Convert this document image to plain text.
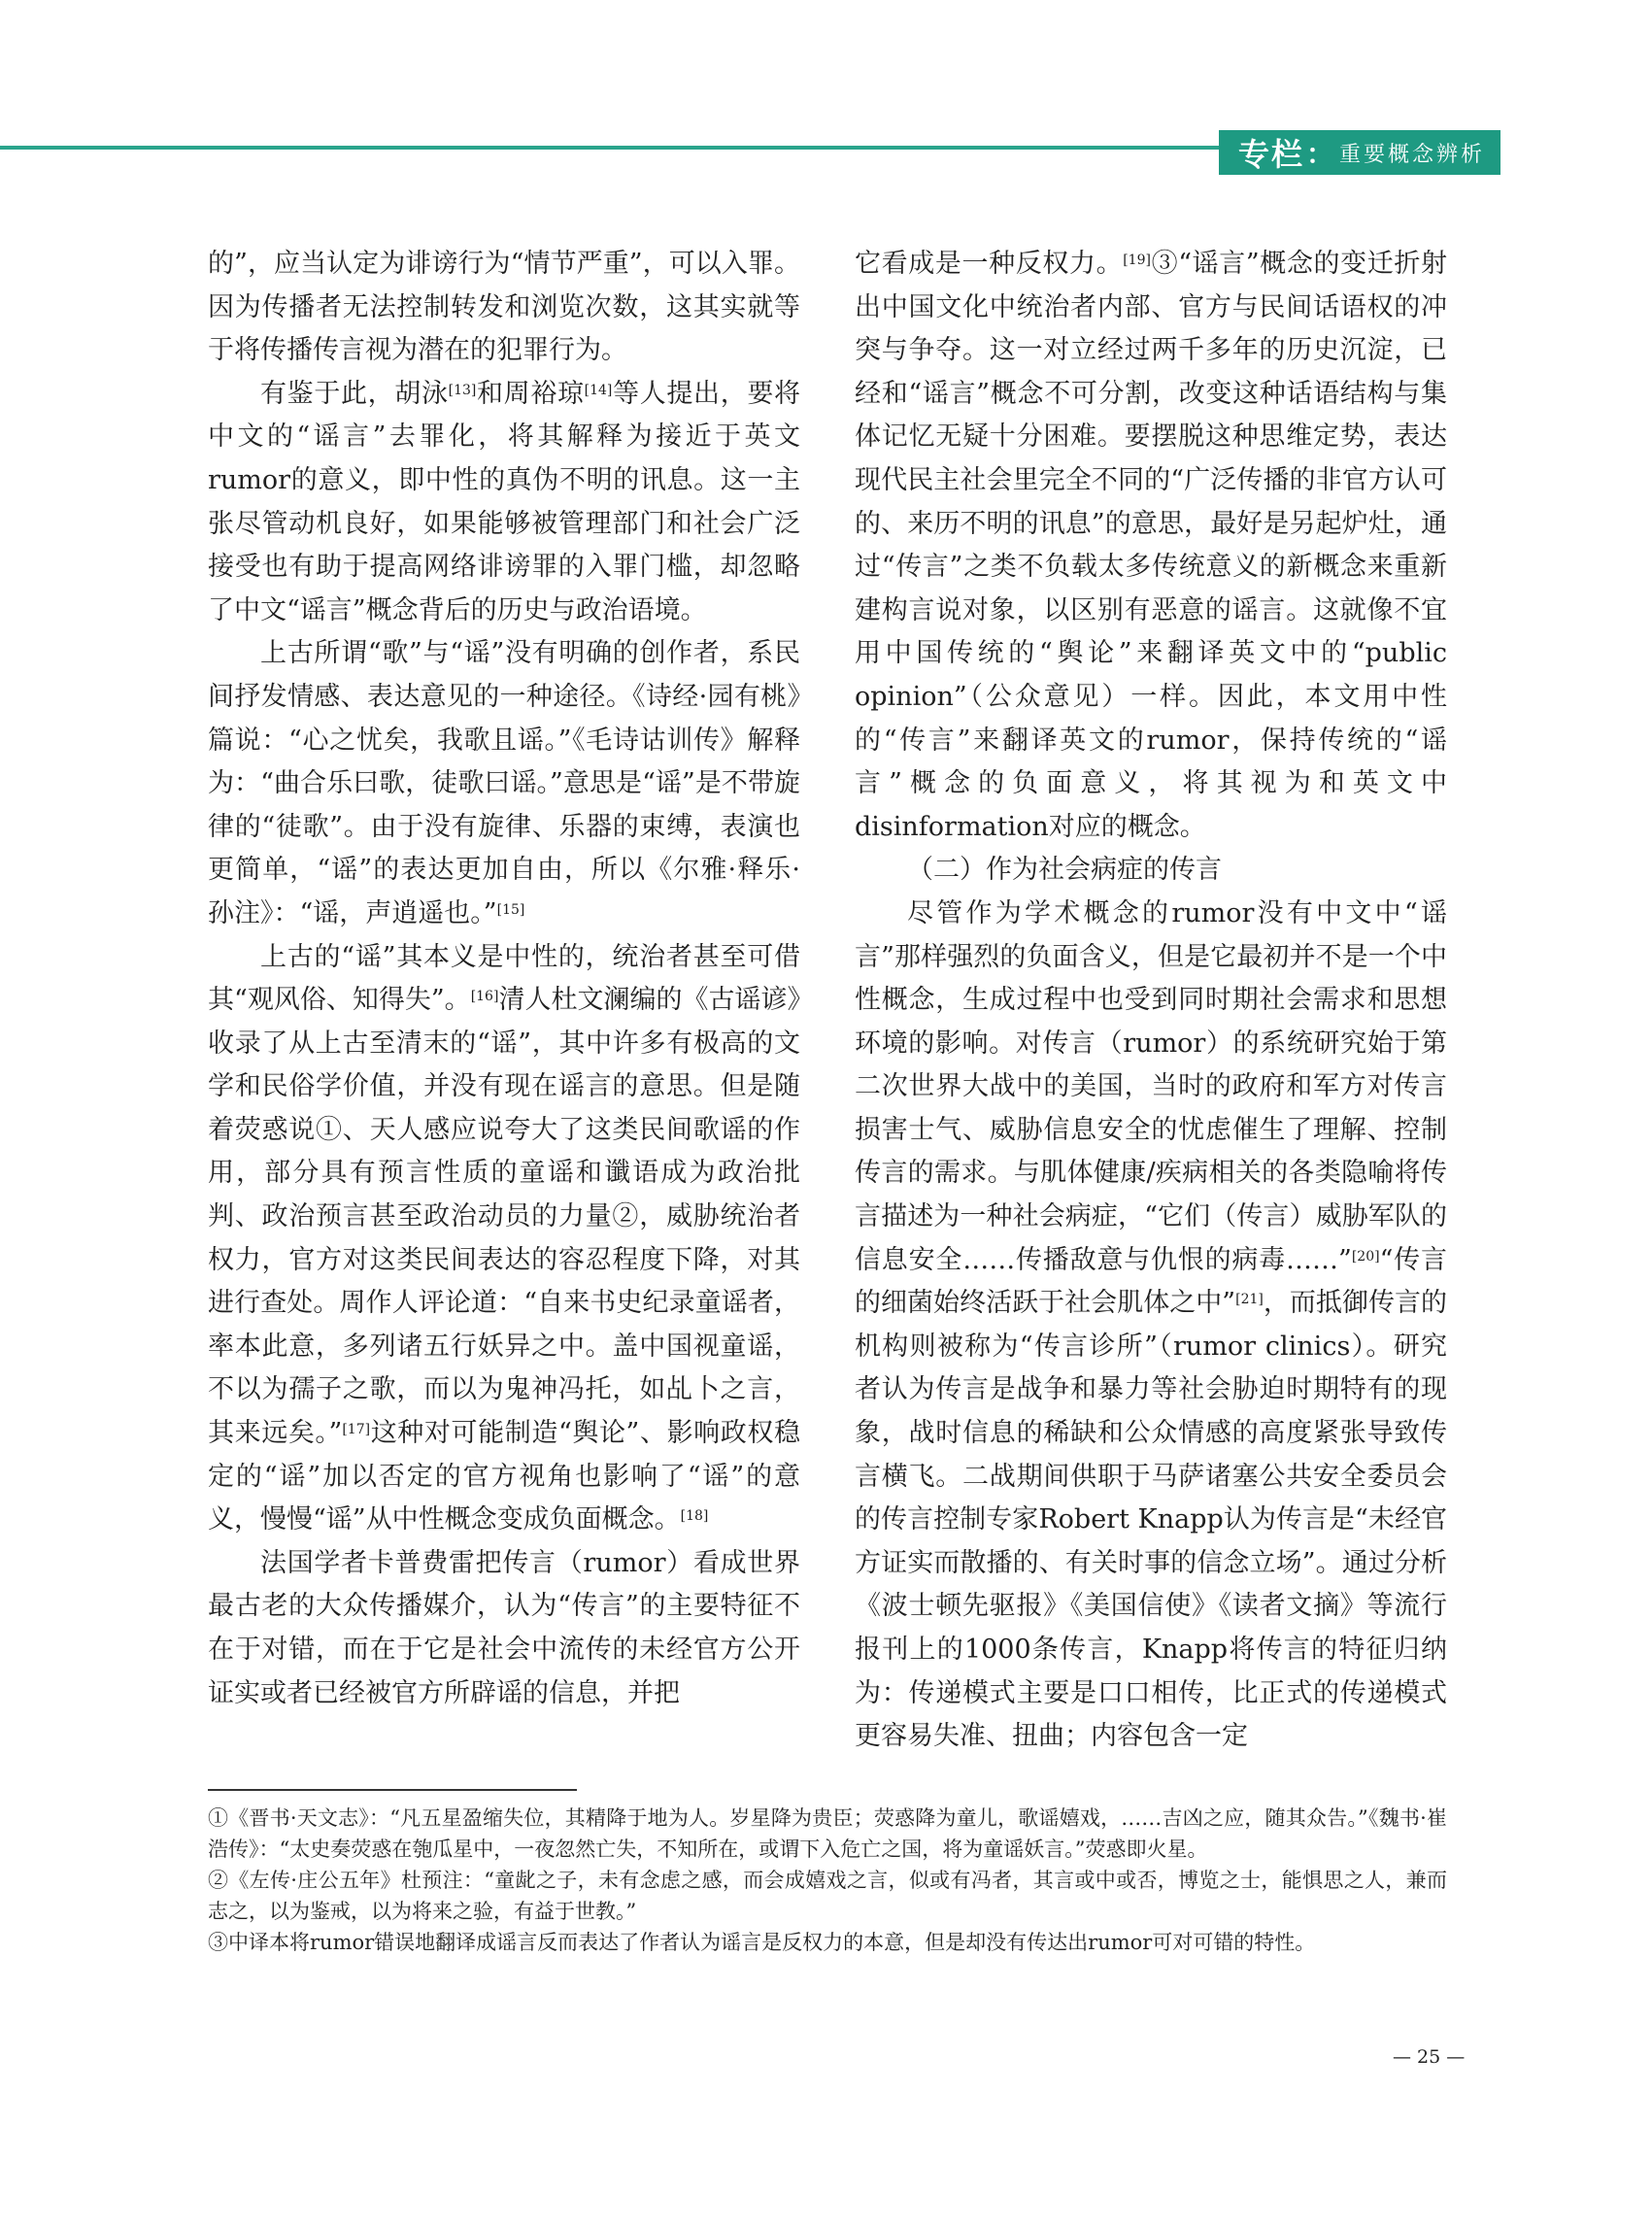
专栏 ： 重要概念辨析

的”，应当认定为诽谤行为“情节严重”，可以入罪。因为传播者无法控制转发和浏览次数，这其实就等于将传播传言视为潜在的犯罪行为。

有鉴于此，胡泳[13]和周裕琼[14]等人提出，要将中文的“谣言”去罪化，将其解释为接近于英文rumor的意义，即中性的真伪不明的讯息。这一主张尽管动机良好，如果能够被管理部门和社会广泛接受也有助于提高网络诽谤罪的入罪门槛，却忽略了中文“谣言”概念背后的历史与政治语境。

上古所谓“歌”与“谣”没有明确的创作者，系民间抒发情感、表达意见的一种途径。《诗经·园有桃》篇说：“心之忧矣，我歌且谣。”《毛诗诂训传》解释为：“曲合乐曰歌，徒歌曰谣。”意思是“谣”是不带旋律的“徒歌”。由于没有旋律、乐器的束缚，表演也更简单，“谣”的表达更加自由，所以《尔雅·释乐·孙注》：“谣，声逍遥也。”[15]

上古的“谣”其本义是中性的，统治者甚至可借其“观风俗、知得失”。[16]清人杜文澜编的《古谣谚》收录了从上古至清末的“谣”，其中许多有极高的文学和民俗学价值，并没有现在谣言的意思。但是随着荧惑说①、天人感应说夸大了这类民间歌谣的作用，部分具有预言性质的童谣和谶语成为政治批判、政治预言甚至政治动员的力量②，威胁统治者权力，官方对这类民间表达的容忍程度下降，对其进行查处。周作人评论道：“自来书史纪录童谣者，率本此意，多列诸五行妖异之中。盖中国视童谣，不以为孺子之歌，而以为鬼神冯托，如乩卜之言，其来远矣。”[17]这种对可能制造“舆论”、影响政权稳定的“谣”加以否定的官方视角也影响了“谣”的意义，慢慢“谣”从中性概念变成负面概念。[18]

法国学者卡普费雷把传言（rumor）看成世界最古老的大众传播媒介，认为“传言”的主要特征不在于对错，而在于它是社会中流传的未经官方公开证实或者已经被官方所辟谣的信息，并把

它看成是一种反权力。[19]③“谣言”概念的变迁折射出中国文化中统治者内部、官方与民间话语权的冲突与争夺。这一对立经过两千多年的历史沉淀，已经和“谣言”概念不可分割，改变这种话语结构与集体记忆无疑十分困难。要摆脱这种思维定势，表达现代民主社会里完全不同的“广泛传播的非官方认可的、来历不明的讯息”的意思，最好是另起炉灶，通过“传言”之类不负载太多传统意义的新概念来重新建构言说对象，以区别有恶意的谣言。这就像不宜用中国传统的“舆论”来翻译英文中的“public opinion”（公众意见）一样。因此，本文用中性的“传言”来翻译英文的rumor，保持传统的“谣言”概念的负面意义，将其视为和英文中disinformation对应的概念。

（二）作为社会病症的传言

尽管作为学术概念的rumor没有中文中“谣言”那样强烈的负面含义，但是它最初并不是一个中性概念，生成过程中也受到同时期社会需求和思想环境的影响。对传言（rumor）的系统研究始于第二次世界大战中的美国，当时的政府和军方对传言损害士气、威胁信息安全的忧虑催生了理解、控制传言的需求。与肌体健康/疾病相关的各类隐喻将传言描述为一种社会病症，“它们（传言）威胁军队的信息安全……传播敌意与仇恨的病毒……”[20]“传言的细菌始终活跃于社会肌体之中”[21]，而抵御传言的机构则被称为“传言诊所”（rumor clinics）。研究者认为传言是战争和暴力等社会胁迫时期特有的现象，战时信息的稀缺和公众情感的高度紧张导致传言横飞。二战期间供职于马萨诸塞公共安全委员会的传言控制专家Robert Knapp认为传言是“未经官方证实而散播的、有关时事的信念立场”。通过分析《波士顿先驱报》《美国信使》《读者文摘》等流行报刊上的1000条传言，Knapp将传言的特征归纳为：传递模式主要是口口相传，比正式的传递模式更容易失准、扭曲；内容包含一定

①《晋书·天文志》：“凡五星盈缩失位，其精降于地为人。岁星降为贵臣；荧惑降为童儿，歌谣嬉戏，……吉凶之应，随其众告。”《魏书·崔浩传》：“太史奏荧惑在匏瓜星中，一夜忽然亡失，不知所在，或谓下入危亡之国，将为童谣妖言。”荧惑即火星。

②《左传·庄公五年》杜预注：“童龀之子，未有念虑之感，而会成嬉戏之言，似或有冯者，其言或中或否，博览之士，能惧思之人，兼而志之，以为鉴戒，以为将来之验，有益于世教。”

③中译本将rumor错误地翻译成谣言反而表达了作者认为谣言是反权力的本意，但是却没有传达出rumor可对可错的特性。

— 25 —
